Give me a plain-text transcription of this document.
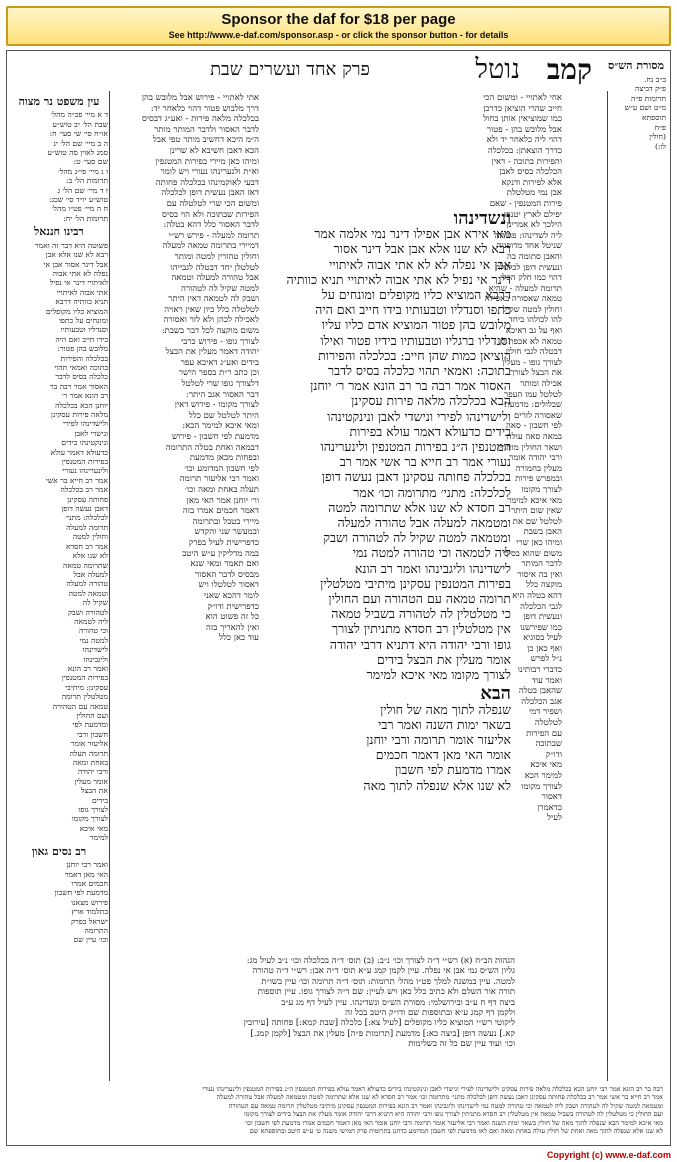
Sponsor the daf for $18 per page
See http://www.e-daf.com/sponsor.asp - or click the sponsor button - for details
קמב
נוטל
פרק אחד ועשרים שבת	מסורת הש״ס
ב״ב נח.
פ״ק דביצה
תרומות פ״ה
מ״ט ושם ע״ש
תוספתא
פ״ח
(חולין
לו:)
אחי לאתויי - ומשום הכי
חייב שהרי הוציאן כדרכן
כמו שמוציאין אותן בחול
אבל מלובש בהן - פטור
דהוי ליה כלאחר יד ולא
כדרך הוצאתן: בכלכלה
והפירות בתוכה - דאין
הכלכלה בסיס לאבן
אלא לפירות ודנקא
אבן נמי מטלטלת
פירות המטנפין - שאם
יפילם לארץ יטנפו
הילכך לא אמרינן
ליה לשדינהו: פחותה
שניטל אחד מדופניה
והאבן סתומה בה
ונעשית דופן לכלכלה
דהוי כמו חלק הכלי
תרומה למעלה - שהיא
טמאה שאסורה באכילה
וחולין למטה שקיל
להו לכולהו ביחד
ואף על גב דאיכא
טמאה לא אכפת לן
דבטלה לגבי חולין
לצורך גופו - מעלין
את הבצל לצורך
אכילה ומותר
לטלטל עמו העפר
שבלולים: מדמעת
שאסורה לזרים
לפי חשבון - סאה
במאה סאה עולה
ושאר החולין מותרין
ורבי יהודה אומר
מעלין בחמורה
ובמפרש פירות
לצורך מקומו
מאי איכא למימר
שאין שום היתר
לטלטל שם את
האבן בשבת
ומיהו כאן שרי
משום שהוא בסיס
לדבר המותר
ואין בה איסור
מוקצה כלל
דהא בטלה היא
לגבי הכלכלה
ונעשית דופן
כמו שפירשנו
לעיל בסוגיא
ואף כאן כן
נ״ל לפרש
כדברי רבותינו
ואמר עוד
שהאבן בטלה
אגב הכלכלה
ושפיר דמי
לטלטלה
עם הפירות
שבתוכה
ודו״ק
מאי איכא
למימר הכא
לצורך מקומו
דאסור
כדאמרן
לעיל
ונשדינהו
מאי אירא אבן אפילו דינר נמי אלמה אמר
רבא לא שנו אלא אבן אבל דינר אסור
אבן אי נפלה לא לא אתי אבוה לאיתויי
דינר אי נפיל לא אתי אבוה לאיתויי תניא כוותיה
דרבא המוציא כליו מקופלים ומונחים על
כתפו וסנדליו וטבעותיו בידו חייב ואם היה
מלובש בהן פטור המוציא אדם כליו עליו
וסנדליו ברגליו וטבעותיו בידיו פטור ואילו
הוציאן כמות שהן חייב: בכלכלה והפירות
בתוכה: ואמאי תהוי כלכלה בסיס לדבר
האסור אמר רבה בר רב הונא אמר ר׳ יוחנן
הבא בכלכלה מלאה פירות עסקינן
ולישדינהו לפירי ונישדי לאבן ונינקטינהו
בידים כדעולא דאמר עולא בפירות
המטנפין ה״נ בפירות המטנפין ולינערינהו
נעורי אמר רב חייא בר אשי אמר רב
בכלכלה פחותה עסקינן דאבן נעשה דופן
לכלכלה: מתני׳ מתרומה וכו׳ אמר
רב חסדא לא שנו אלא שתרומה למטה
ומטמאה למעלה אבל טהורה למעלה
ומטמאה למטה שקיל לה לטהורה ושבק
ליה לטמאה וכי טהורה למטה נמי
לישדינהו וליגבינהו ואמר רב הונא
בפירות המטנפין עסקינן מיתיבי מטלטלין
תרומה טמאה עם הטהורה ועם החולין
כי מטלטלין לה לטהורה בשביל טמאה
אין מטלטלין רב חסדא מתניתין לצורך
גופו ורבי יהודה היא דתניא דרבי יהודה
אומר מעלין את הבצל בידים
לצורך מקומו מאי איכא למימר
הבא
שנפלה לתוך מאה של חולין
בשאר ימות השנה ואמר רבי
אליעזר אומר תרומה ורבי יוחנן
אומר האי מאן דאמר חכמים
אמרו מדמעת לפי חשבון
לא שנו אלא שנפלה לתוך מאה
אתי לאתויי - פירוש אבל מלובש בהן
דרך מלבוש פטור דהוי כלאחר יד:
בכלכלה מלאה פירות - ואע״ג דבסיס
לדבר האסור ולדבר המותר מותר
ה״מ היכא דחשיב מותר טפי אבל
הכא דאבן חשיבא לא שרינן
ומיהו כאן מיירי בפירות המטנפין
וא״ת ולנערינהו נעורי ויש לומר
דבעי לאוקמינהו בכלכלה פחותה
דאז האבן נעשית דופן לכלכלה
ומשום הכי שרי לטלטלה עם
הפירות שבתוכה ולא הוי בסיס
לדבר האסור כלל דהא בטלה:
תרומה למעלה - פירש רש״י
דמיירי בתרומה טמאה למעלה
וחולין טהורין למטה ומותר
לטלטלן יחד דבטלה לגבייהו
אבל טהורה למעלה וטמאה
למטה שקיל לה לטהורה
ושבק לה לטמאה דאין היתר
לטלטלה כלל כיון שאין ראויה
לאכילה לכהן ולא לזר ואסורה
משום מוקצה לכל דבר בשבת:
לצורך גופו - פירוש כרבי
יהודה דאמר מעלין את הבצל
בידים ואע״ג דאיכא עפר
וכן כתב ר״ת בספר הישר
דלצורך גופו שרי לטלטל
דבר האסור אגב היתר:
לצורך מקומו - פירוש דאין
היתר לטלטל שם כלל
ומאי איכא למימר הכא:
מדמעת לפי חשבון - פירוש
דבמאה ואחת בטלה התרומה
ובפחות מכאן מדמעת
לפי חשבון המדומע וכו׳
ואמר רבי אליעזר תרומה
תעלה באחת ומאה וכו׳
ור׳ יוחנן אמר האי מאן
דאמר חכמים אמרו בזה
מיירי בטבל ובתרומה
ובמעשר שני והקדש
כדפרישית לעיל בפרק
במה מדליקין ע״ש היטב
ואם תאמר ומאי שנא
מבסיס לדבר האסור
דאסור לטלטלו ויש
לומר דהכא שאני
כדפרישית ודו״ק
כל זה פשוט הוא
ואין להאריך בזה
עוד כאן כלל
עין משפט נר מצוה
ד א מיי׳ פכ״ה מהל׳
שבת הל׳ יב טוש״ע
או״ח סי׳ שי סעי׳ ח:
ה ב מיי׳ שם הל׳ יג
סמג לאוין סה טוש״ע
שם סעי׳ ט:
ו ג מיי׳ פי״ג מהל׳
תרומות הל׳ ב:
ז ד מיי׳ שם הל׳ ג
טוש״ע יו״ד סי׳ שכג:
ח ה מיי׳ פט״ו מהל׳
תרומות הל׳ יח:
רבינו חננאל
פשוטה היא דבר זה ואמר
רבא לא שנו אלא אבן
אבל דינר אסור אבן אי
נפלה לא אתי אבוה
לאיתויי דינר אי נפיל
אתי אבוה לאיתויי
תניא כוותיה דרבא
המוציא כליו מקופלים
ומונחים על כתפו
וסנדליו וטבעותיו
בידו חייב ואם היה
מלובש בהן פטור:
בכלכלה והפירות
בתוכה ואמאי תהוי
כלכלה בסיס לדבר
האסור אמר רבה בר
רב הונא אמר ר׳
יוחנן הכא בכלכלה
מלאה פירות עסקינן
ולישדינהו לפירי
ונישדי לאבן
ונינקטינהו בידים
כדעולא דאמר עולא
בפירות המטנפין
ולינערינהו נעורי
אמר רב חייא בר אשי
אמר רב בכלכלה
פחותה עסקינן
דאבן נעשה דופן
לכלכלה: מתני׳
תרומה למעלה
וחולין למטה
אמר רב חסדא
לא שנו אלא
שתרומה טמאה
למעלה אבל
טהורה למעלה
וטמאה למטה
שקיל לה
לטהורה ושבק
ליה לטמאה
וכי טהורה
למטה נמי
לישדינהו
וליגבינהו
ואמר רב הונא
בפירות המטנפין
עסקינן: מיתיבי
מטלטלין תרומה
טמאה עם הטהורה
ועם החולין
ומדמעת לפי
חשבון ורבי
אליעזר אומר
תרומה תעלה
באחת ומאה
ורבי יהודה
אומר מעלין
את הבצל
בידים
לצורך גופו
לצורך מקומו
מאי איכא
למימר
רב נסים גאון
ואמר רבי יוחנן
האי מאן דאמר
חכמים אמרו
מדמעת לפי חשבון
פירוש מצאנו
בתלמוד ארץ
ישראל בפרק
התרומה
וכו׳ עיין שם
הגהות הב״ח (א) רש״י ד״ה לצורך וכו׳ נ״ב: (ב) תוס׳ ד״ה בכלכלה וכו׳ נ״ב לעיל מג:
גליון הש״ס גמ׳ אבן אי נפלה. עיין לקמן קמג ע״א תוס׳ ד״ה אבן: רש״י ד״ה טהורה
למטה. עיין במשנה למלך פט״ו מהל׳ תרומות: תוס׳ ד״ה תרומה וכו׳ עיין בשו״ת
תורה אור השלם ולא כתיב כלל כאן ויש לעיין: שם ד״ה לצורך גופו. עיין תוספות
ביצה דף ח ע״ב ובירושלמי: מסורת הש״ס ונשדינהו. עיין לעיל דף מג ע״ב
ולקמן דף קמג ע״א ובתוספות שם ודו״ק היטב בכל זה
ליקוטי רש״י המוציא כליו מקופלים [לעיל צא:] כלכלה [שבת קמא:] פחותה [עירובין
קא.] נעשה דופן [ביצה כא:] מדמעת [תרומות פ״ה] מעלין את הבצל [לקמן קמג.]
וכו׳ ועוד עיין שם כל זה בשלימות
רבה בר רב הונא אמר רבי יוחנן הכא בכלכלה מלאה פירות עסקינן ולישדינהו לפירי ונישדי לאבן ונינקטינהו בידים כדעולא דאמר עולא בפירות המטנפין ה״נ בפירות המטנפין ולינערינהו נעורי
אמר רב חייא בר אשי אמר רב בכלכלה פחותה עסקינן דאבן נעשה דופן לכלכלה מתני׳ מתרומה וכו׳ אמר רב חסדא לא שנו אלא שתרומה למטה ומטמאה למעלה אבל טהורה למעלה
ומטמאה למטה שקיל לה לטהורה ושבק ליה לטמאה וכי טהורה למטה נמי לישדינהו וליגבינהו ואמר רב הונא בפירות המטנפין עסקינן מיתיבי מטלטלין תרומה טמאה עם הטהורה
ועם החולין כי מטלטלין לה לטהורה בשביל טמאה אין מטלטלין רב חסדא מתניתין לצורך גופו ורבי יהודה היא דתניא דרבי יהודה אומר מעלין את הבצל בידים לצורך מקומו
מאי איכא למימר הבא שנפלה לתוך מאה של חולין בשאר ימות השנה ואמר רבי אליעזר אומר תרומה ורבי יוחנן אומר האי מאן דאמר חכמים אמרו מדמעת לפי חשבון וכו׳
לא שנו אלא שנפלה לתוך מאה ואחת של חולין עולה באחת ומאה ואם לאו מדמעת לפי חשבון המדומע כדתנן בתרומות פרק חמישי משנה ט׳ ע״ש היטב ובתוספתא שם
Copyright (c) www.e-daf.com
